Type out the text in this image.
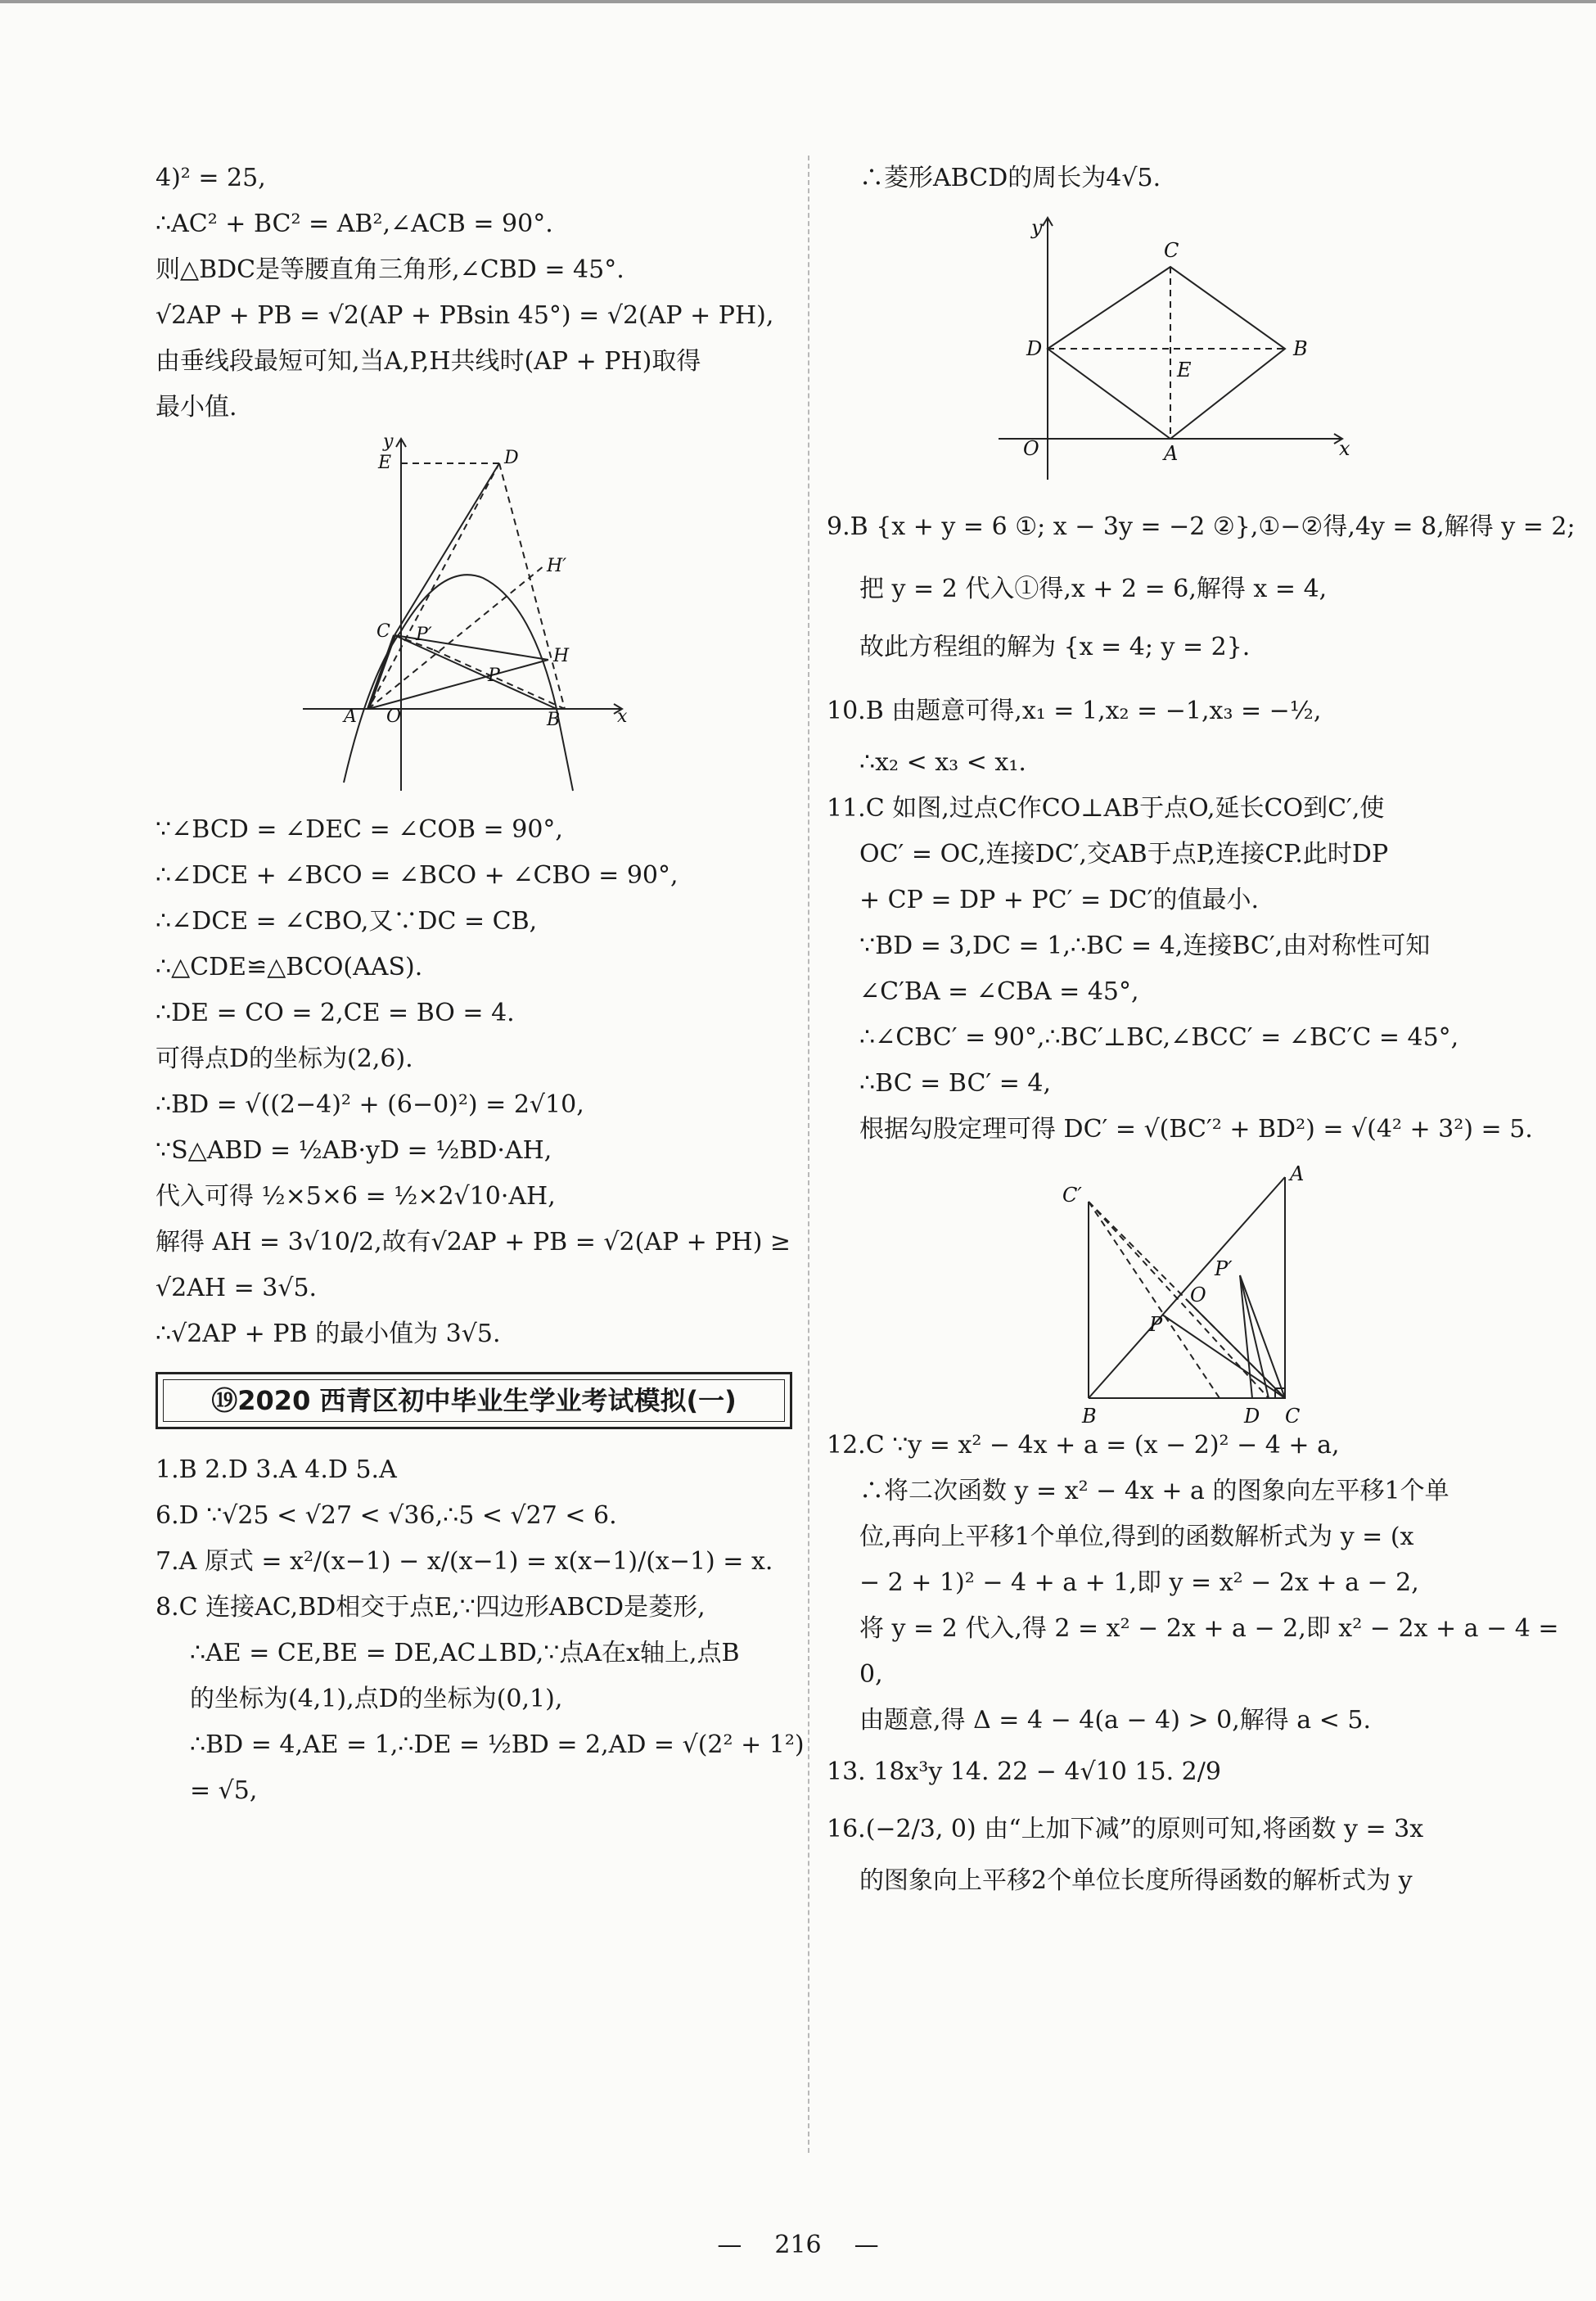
4)² = 25,
∴AC² + BC² = AB²,∠ACB = 90°.
则△BDC是等腰直角三角形,∠CBD = 45°.
√2AP + PB = √2(AP + PBsin 45°) = √2(AP + PH),
由垂线段最短可知,当A,P,H共线时(AP + PH)取得
最小值.
y
E	D
H′
C P′
H
P
A O	B	x
∵∠BCD = ∠DEC = ∠COB = 90°,
∴∠DCE + ∠BCO = ∠BCO + ∠CBO = 90°,
∴∠DCE = ∠CBO,又∵DC = CB,
∴△CDE≌△BCO(AAS).
∴DE = CO = 2,CE = BO = 4.
可得点D的坐标为(2,6).
∴BD = √((2−4)² + (6−0)²) = 2√10,
∵S△ABD = ½AB·yD = ½BD·AH,
代入可得 ½×5×6 = ½×2√10·AH,
解得 AH = 3√10/2,故有√2AP + PB = √2(AP + PH) ≥
√2AH = 3√5.
∴√2AP + PB 的最小值为 3√5.
⑲2020 西青区初中毕业生学业考试模拟(一)
1.B 2.D 3.A 4.D 5.A
6.D ∵√25 < √27 < √36,∴5 < √27 < 6.
7.A 原式 = x²/(x−1) − x/(x−1) = x(x−1)/(x−1) = x.
8.C 连接AC,BD相交于点E,∵四边形ABCD是菱形,
∴AE = CE,BE = DE,AC⊥BD,∵点A在x轴上,点B
的坐标为(4,1),点D的坐标为(0,1),
∴BD = 4,AE = 1,∴DE = ½BD = 2,AD = √(2² + 1²)
= √5,
∴菱形ABCD的周长为4√5.
y
C
D	B
E
O	A	x
9.B {x + y = 6 ①; x − 3y = −2 ②},①−②得,4y = 8,解得 y = 2;
把 y = 2 代入①得,x + 2 = 6,解得 x = 4,
故此方程组的解为 {x = 4; y = 2}.
10.B 由题意可得,x₁ = 1,x₂ = −1,x₃ = −½,
∴x₂ < x₃ < x₁.
11.C 如图,过点C作CO⊥AB于点O,延长CO到C′,使
OC′ = OC,连接DC′,交AB于点P,连接CP.此时DP
+ CP = DP + PC′ = DC′的值最小.
∵BD = 3,DC = 1,∴BC = 4,连接BC′,由对称性可知
∠C′BA = ∠CBA = 45°,
∴∠CBC′ = 90°,∴BC′⊥BC,∠BCC′ = ∠BC′C = 45°,
∴BC = BC′ = 4,
根据勾股定理可得 DC′ = √(BC′² + BD²) = √(4² + 3²) = 5.
C′
A
P′
O
P
B	D C
12.C ∵y = x² − 4x + a = (x − 2)² − 4 + a,
∴将二次函数 y = x² − 4x + a 的图象向左平移1个单
位,再向上平移1个单位,得到的函数解析式为 y = (x
− 2 + 1)² − 4 + a + 1,即 y = x² − 2x + a − 2,
将 y = 2 代入,得 2 = x² − 2x + a − 2,即 x² − 2x + a − 4 =
0,
由题意,得 Δ = 4 − 4(a − 4) > 0,解得 a < 5.
13. 18x³y 14. 22 − 4√10 15. 2/9
16.(−2/3, 0) 由“上加下减”的原则可知,将函数 y = 3x
的图象向上平移2个单位长度所得函数的解析式为 y
— 216 —
